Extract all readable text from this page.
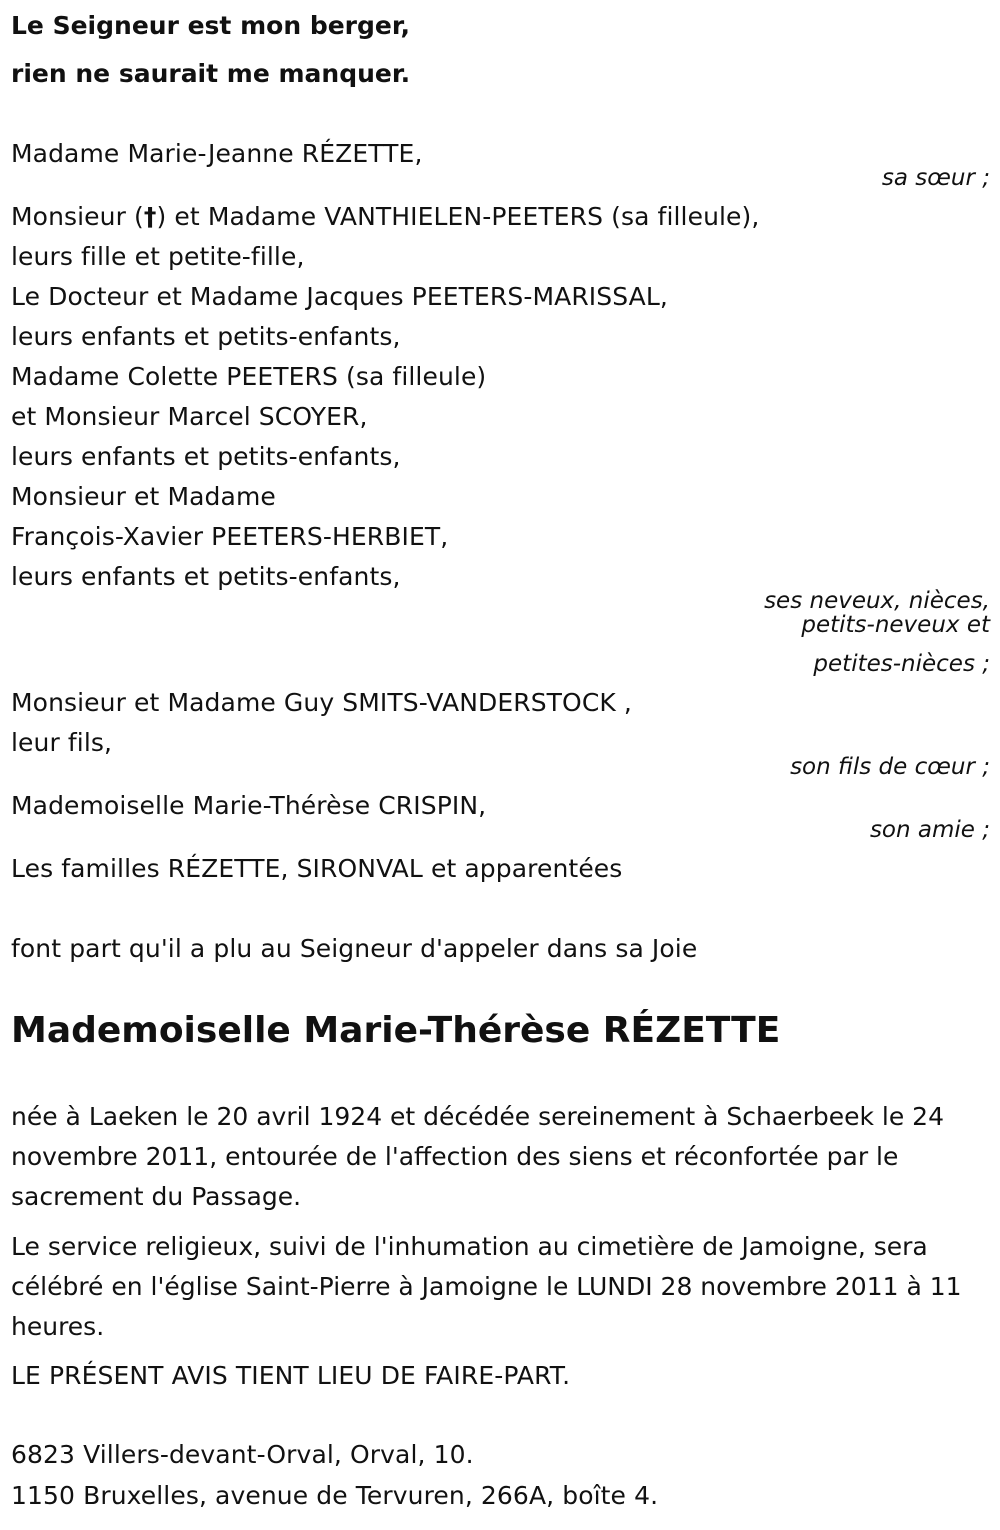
Le Seigneur est mon berger,
rien ne saurait me manquer.
Madame Marie-Jeanne RÉZETTE,
sa sœur ;
Monsieur (†) et Madame VANTHIELEN-PEETERS (sa filleule),
leurs fille et petite-fille,
Le Docteur et Madame Jacques PEETERS-MARISSAL,
leurs enfants et petits-enfants,
Madame Colette PEETERS (sa filleule)
et Monsieur Marcel SCOYER,
leurs enfants et petits-enfants,
Monsieur et Madame
François-Xavier PEETERS-HERBIET,
leurs enfants et petits-enfants,
ses neveux, nièces,
petits-neveux et
petites-nièces ;
Monsieur et Madame Guy SMITS-VANDERSTOCK ,
leur fils,
son fils de cœur ;
Mademoiselle Marie-Thérèse CRISPIN,
son amie ;
Les familles RÉZETTE, SIRONVAL et apparentées
font part qu'il a plu au Seigneur d'appeler dans sa Joie
Mademoiselle Marie-Thérèse RÉZETTE
née à Laeken le 20 avril 1924 et décédée sereinement à Schaerbeek le 24 novembre 2011, entourée de l'affection des siens et réconfortée par le sacrement du Passage.
Le service religieux, suivi de l'inhumation au cimetière de Jamoigne, sera célébré en l'église Saint-Pierre à Jamoigne le LUNDI 28 novembre 2011 à 11 heures.
LE PRÉSENT AVIS TIENT LIEU DE FAIRE-PART.
6823 Villers-devant-Orval, Orval, 10.
1150 Bruxelles, avenue de Tervuren, 266A, boîte 4.
